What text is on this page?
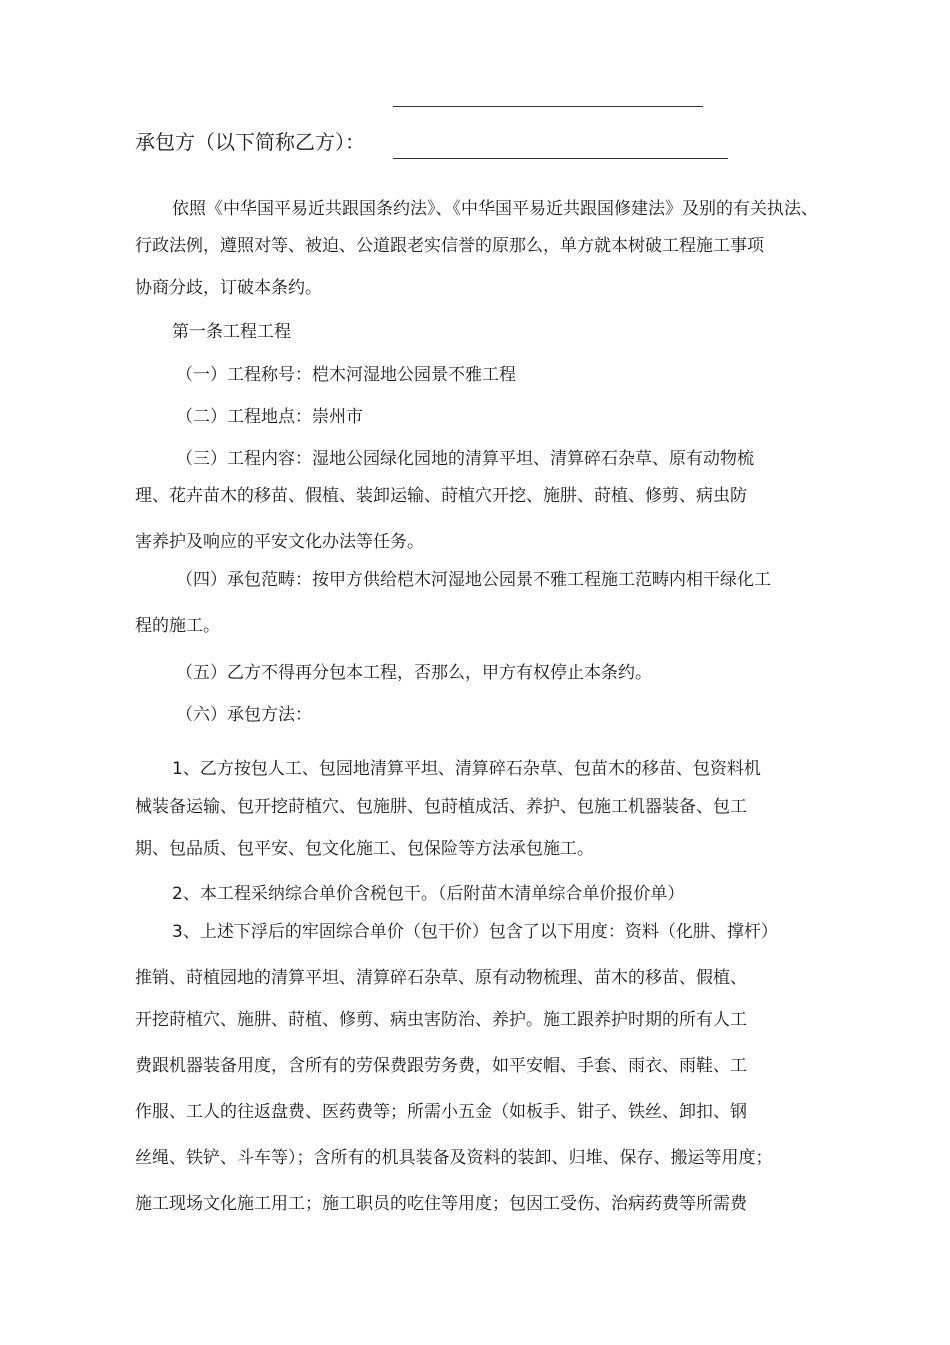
承包方（以下简称乙方）：
依照《中华国平易近共跟国条约法》、《中华国平易近共跟国修建法》及别的有关执法、
行政法例，遵照对等、被迫、公道跟老实信誉的原那么，单方就本树破工程施工事项
协商分歧，订破本条约。
第一条工程工程
（一）工程称号：桤木河湿地公园景不雅工程
（二）工程地点：崇州市
（三）工程内容：湿地公园绿化园地的清算平坦、清算碎石杂草、原有动物梳
理、花卉苗木的移苗、假植、装卸运输、莳植穴开挖、施肼、莳植、修剪、病虫防
害养护及响应的平安文化办法等任务。
（四）承包范畴：按甲方供给桤木河湿地公园景不雅工程施工范畴内相干绿化工
程的施工。
（五）乙方不得再分包本工程，否那么，甲方有权停止本条约。
（六）承包方法：
1、乙方按包人工、包园地清算平坦、清算碎石杂草、包苗木的移苗、包资料机
械装备运输、包开挖莳植穴、包施肼、包莳植成活、养护、包施工机器装备、包工
期、包品质、包平安、包文化施工、包保险等方法承包施工。
2、本工程采纳综合单价含税包干。（后附苗木清单综合单价报价单）
3、上述下浮后的牢固综合单价（包干价）包含了以下用度：资料（化肼、撑杆）
推销、莳植园地的清算平坦、清算碎石杂草、原有动物梳理、苗木的移苗、假植、
开挖莳植穴、施肼、莳植、修剪、病虫害防治、养护。施工跟养护时期的所有人工
费跟机器装备用度，含所有的劳保费跟劳务费，如平安帽、手套、雨衣、雨鞋、工
作服、工人的往返盘费、医药费等；所需小五金（如板手、钳子、铁丝、卸扣、钢
丝绳、铁铲、斗车等）；含所有的机具装备及资料的装卸、归堆、保存、搬运等用度；
施工现场文化施工用工；施工职员的吃住等用度；包因工受伤、治病药费等所需费
